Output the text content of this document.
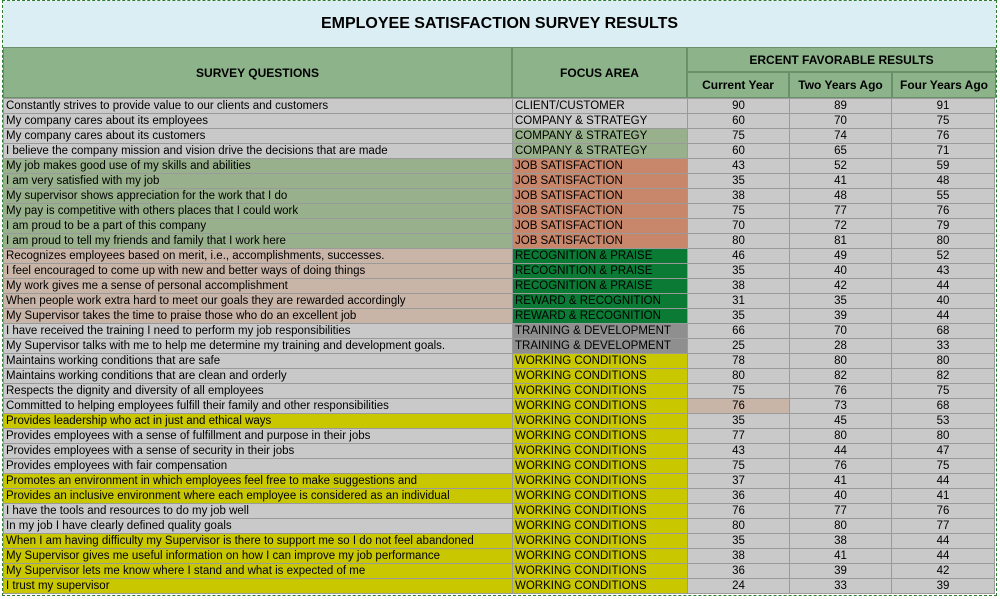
EMPLOYEE SATISFACTION SURVEY RESULTS
SURVEY QUESTIONS	FOCUS AREA
ERCENT FAVORABLE RESULTS
Current Year	Two Years Ago	Four Years Ago
Constantly strives to provide value to our clients and customers	CLIENT/CUSTOMER	90	89	91
My company cares about its employees	COMPANY & STRATEGY	60	70	75
My company cares about its customers	COMPANY & STRATEGY	75	74	76
I believe the company mission and vision drive the decisions that are made	COMPANY & STRATEGY	60	65	71
My job makes good use of my skills and abilities	JOB SATISFACTION	43	52	59
I am very satisfied with my job	JOB SATISFACTION	35	41	48
My supervisor shows appreciation for the work that I do	JOB SATISFACTION	38	48	55
My pay is competitive with others places that I could work	JOB SATISFACTION	75	77	76
I am proud to be a part of this company	JOB SATISFACTION	70	72	79
I am proud to tell my friends and family that I work here	JOB SATISFACTION	80	81	80
Recognizes employees based on merit, i.e., accomplishments, successes.	RECOGNITION & PRAISE	46	49	52
I feel encouraged to come up with new and better ways of doing things	RECOGNITION & PRAISE	35	40	43
My work gives me a sense of personal accomplishment	RECOGNITION & PRAISE	38	42	44
When people work extra hard to meet our goals they are rewarded accordingly	REWARD & RECOGNITION	31	35	40
My Supervisor takes the time to praise those who do an excellent job	REWARD & RECOGNITION	35	39	44
I have received the training I need to perform my job responsibilities	TRAINING & DEVELOPMENT	66	70	68
My Supervisor talks with me to help me determine my training and development goals.	TRAINING & DEVELOPMENT	25	28	33
Maintains working conditions that are safe	WORKING CONDITIONS	78	80	80
Maintains working conditions that are clean and orderly	WORKING CONDITIONS	80	82	82
Respects the dignity and diversity of all employees	WORKING CONDITIONS	75	76	75
Committed to helping employees fulfill their family and other responsibilities	WORKING CONDITIONS	76	73	68
Provides leadership who act in just and ethical ways	WORKING CONDITIONS	35	45	53
Provides employees with a sense of fulfillment and purpose in their jobs	WORKING CONDITIONS	77	80	80
Provides employees with a sense of security in their jobs	WORKING CONDITIONS	43	44	47
Provides employees with fair compensation	WORKING CONDITIONS	75	76	75
Promotes an environment in which employees feel free to make suggestions and	WORKING CONDITIONS	37	41	44
Provides an inclusive environment where each employee is considered as an individual	WORKING CONDITIONS	36	40	41
I have the tools and resources to do my job well	WORKING CONDITIONS	76	77	76
In my job I have clearly defined quality goals	WORKING CONDITIONS	80	80	77
When I am having difficulty my Supervisor is there to support me so I do not feel abandoned	WORKING CONDITIONS	35	38	44
My Supervisor gives me useful information on how I can improve my job performance	WORKING CONDITIONS	38	41	44
My Supervisor lets me know where I stand and what is expected of me	WORKING CONDITIONS	36	39	42
I trust my supervisor	WORKING CONDITIONS	24	33	39
